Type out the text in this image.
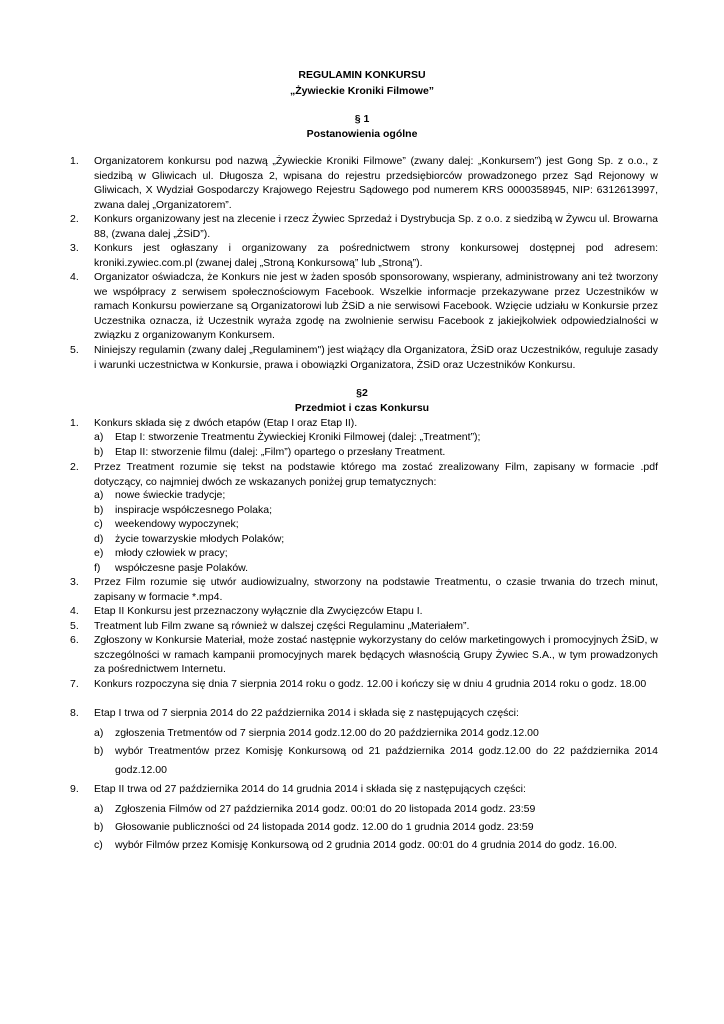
REGULAMIN KONKURSU
„Żywieckie Kroniki Filmowe”
§ 1
Postanowienia ogólne
1. Organizatorem konkursu pod nazwą „Żywieckie Kroniki Filmowe” (zwany dalej: „Konkursem”) jest Gong Sp. z o.o., z siedzibą w Gliwicach ul. Długosza 2, wpisana do rejestru przedsiębiorców prowadzonego przez Sąd Rejonowy w Gliwicach, X Wydział Gospodarczy Krajowego Rejestru Sądowego pod numerem KRS 0000358945, NIP: 6312613997, zwana dalej „Organizatorem”.
2. Konkurs organizowany jest na zlecenie i rzecz Żywiec Sprzedaż i Dystrybucja Sp. z o.o. z siedzibą w Żywcu ul. Browarna 88, (zwana dalej „ŻSiD”).
3. Konkurs jest ogłaszany i organizowany za pośrednictwem strony konkursowej dostępnej pod adresem: kroniki.zywiec.com.pl (zwanej dalej „Stroną Konkursową” lub „Stroną”).
4. Organizator oświadcza, że Konkurs nie jest w żaden sposób sponsorowany, wspierany, administrowany ani też tworzony we współpracy z serwisem społecznościowym Facebook. Wszelkie informacje przekazywane przez Uczestników w ramach Konkursu powierzane są Organizatorowi lub ŻSiD a nie serwisowi Facebook. Wzięcie udziału w Konkursie przez Uczestnika oznacza, iż Uczestnik wyraża zgodę na zwolnienie serwisu Facebook z jakiejkolwiek odpowiedzialności w związku z organizowanym Konkursem.
5. Niniejszy regulamin (zwany dalej „Regulaminem") jest wiążący dla Organizatora, ŻSiD oraz Uczestników, reguluje zasady i warunki uczestnictwa w Konkursie, prawa i obowiązki Organizatora, ŻSiD oraz Uczestników Konkursu.
§2
Przedmiot i czas Konkursu
1. Konkurs składa się z dwóch etapów (Etap I oraz Etap II).
a) Etap I: stworzenie Treatmentu Żywieckiej Kroniki Filmowej (dalej: „Treatment”);
b) Etap II: stworzenie filmu (dalej: „Film”) opartego o przesłany Treatment.
2. Przez Treatment rozumie się tekst na podstawie którego ma zostać zrealizowany Film, zapisany w formacie .pdf dotyczący, co najmniej dwóch ze wskazanych poniżej grup tematycznych:
a) nowe świeckie tradycje;
b) inspiracje współczesnego Polaka;
c) weekendowy wypoczynek;
d) życie towarzyskie młodych Polaków;
e) młody człowiek w pracy;
f) współczesne pasje Polaków.
3. Przez Film rozumie się utwór audiowizualny, stworzony na podstawie Treatmentu, o czasie trwania do trzech minut, zapisany w formacie *.mp4.
4. Etap II Konkursu jest przeznaczony wyłącznie dla Zwycięzców Etapu I.
5. Treatment lub Film zwane są również w dalszej części Regulaminu „Materiałem”.
6. Zgłoszony w Konkursie Materiał, może zostać następnie wykorzystany do celów marketingowych i promocyjnych ŻSiD, w szczególności w ramach kampanii promocyjnych marek będących własnością Grupy Żywiec S.A., w tym prowadzonych za pośrednictwem Internetu.
7. Konkurs rozpoczyna się dnia 7 sierpnia 2014 roku o godz. 12.00 i kończy się w dniu 4 grudnia 2014 roku o godz. 18.00
8. Etap I trwa od 7 sierpnia 2014 do 22 października 2014 i składa się z następujących części:
a) zgłoszenia Tretmentów od 7 sierpnia 2014 godz.12.00 do 20 października 2014 godz.12.00
b) wybór Treatmentów przez Komisję Konkursową od 21 października 2014 godz.12.00 do 22 października 2014 godz.12.00
9. Etap II trwa od 27 października 2014 do 14 grudnia 2014 i składa się z następujących części:
a) Zgłoszenia Filmów od 27 października 2014 godz. 00:01 do 20 listopada 2014 godz. 23:59
b) Głosowanie publiczności od 24 listopada 2014 godz. 12.00 do 1 grudnia 2014 godz. 23:59
c) wybór Filmów przez Komisję Konkursową od 2 grudnia 2014 godz. 00:01 do 4 grudnia 2014 do godz. 16.00.
